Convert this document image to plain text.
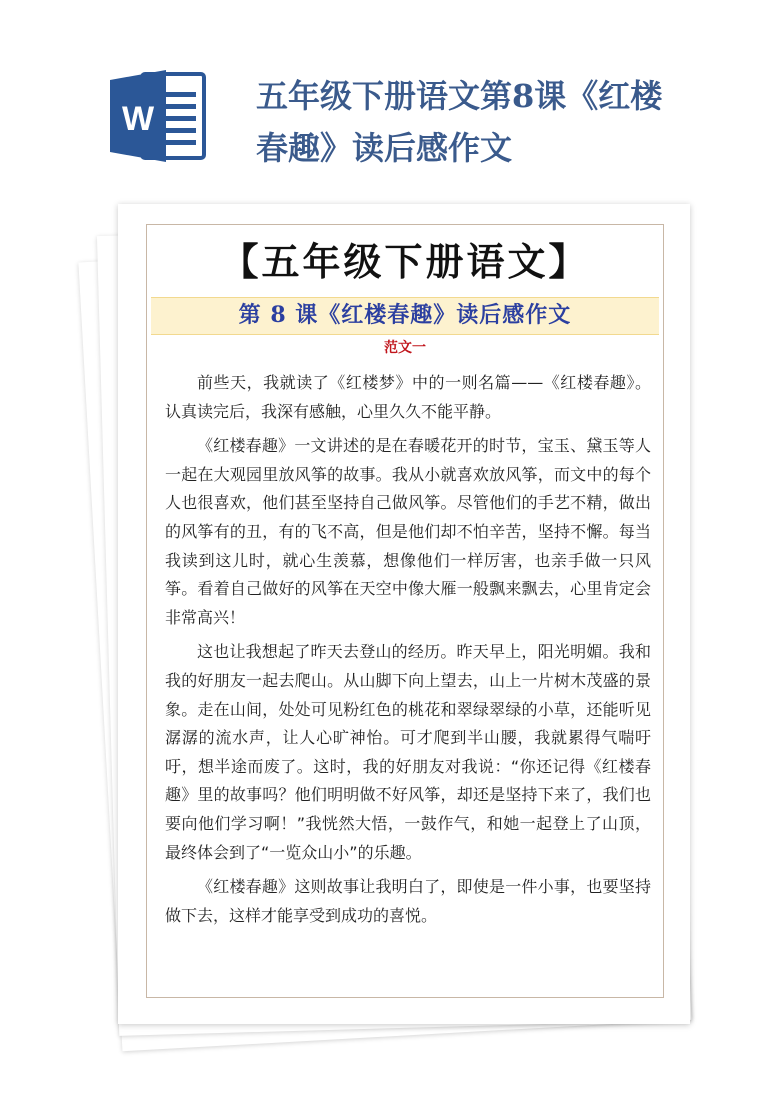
W
五年级下册语文第8课《红楼春趣》读后感作文
【五年级下册语文】
第 8 课《红楼春趣》读后感作文
范文一

前些天，我就读了《红楼梦》中的一则名篇——《红楼春趣》。认真读完后，我深有感触，心里久久不能平静。

《红楼春趣》一文讲述的是在春暖花开的时节，宝玉、黛玉等人一起在大观园里放风筝的故事。我从小就喜欢放风筝，而文中的每个人也很喜欢，他们甚至坚持自己做风筝。尽管他们的手艺不精，做出的风筝有的丑，有的飞不高，但是他们却不怕辛苦，坚持不懈。每当我读到这儿时，就心生羡慕，想像他们一样厉害，也亲手做一只风筝。看着自己做好的风筝在天空中像大雁一般飘来飘去，心里肯定会非常高兴！

这也让我想起了昨天去登山的经历。昨天早上，阳光明媚。我和我的好朋友一起去爬山。从山脚下向上望去，山上一片树木茂盛的景象。走在山间，处处可见粉红色的桃花和翠绿翠绿的小草，还能听见潺潺的流水声，让人心旷神怡。可才爬到半山腰，我就累得气喘吁吁，想半途而废了。这时，我的好朋友对我说：“你还记得《红楼春趣》里的故事吗？他们明明做不好风筝，却还是坚持下来了，我们也要向他们学习啊！”我恍然大悟，一鼓作气，和她一起登上了山顶，最终体会到了“一览众山小”的乐趣。

《红楼春趣》这则故事让我明白了，即使是一件小事，也要坚持做下去，这样才能享受到成功的喜悦。
